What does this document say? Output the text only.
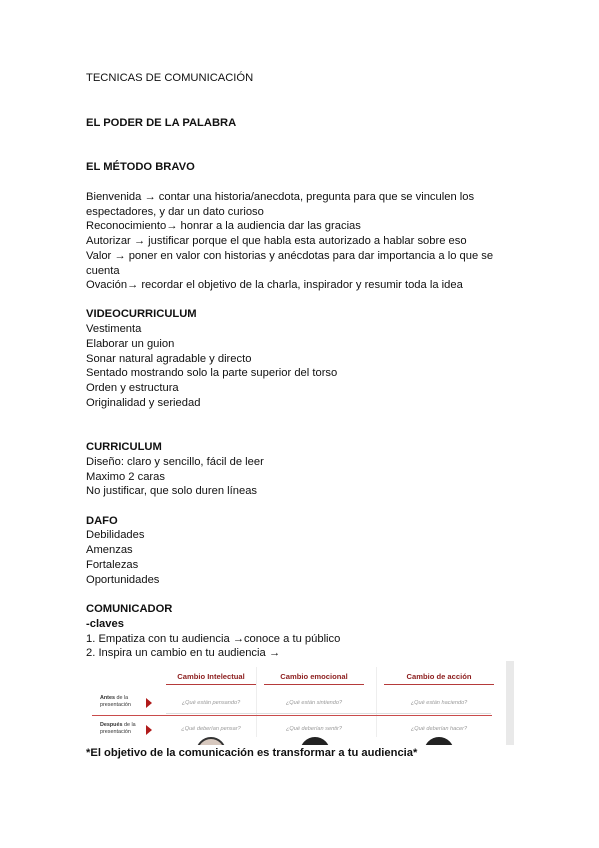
TECNICAS DE COMUNICACIÓN
EL PODER DE LA PALABRA
EL MÉTODO BRAVO
Bienvenida → contar una historia/anecdota, pregunta para que se vinculen los
espectadores, y dar un dato curioso
Reconocimiento→ honrar a la audiencia dar las gracias
Autorizar → justificar porque el que habla esta autorizado a hablar sobre eso
Valor → poner en valor con historias y anécdotas para dar importancia a lo que se
cuenta
Ovación→ recordar el objetivo de la charla, inspirador y resumir toda la idea
VIDEOCURRICULUM
Vestimenta
Elaborar un guion
Sonar natural agradable y directo
Sentado mostrando solo la parte superior del torso
Orden y estructura
Originalidad y seriedad
CURRICULUM
Diseño: claro y sencillo, fácil de leer
Maximo 2 caras
No justificar, que solo duren líneas
DAFO
Debilidades
Amenzas
Fortalezas
Oportunidades
COMUNICADOR
-claves
1. Empatiza con tu audiencia →conoce a tu público
2. Inspira un cambio en tu audiencia →
Cambio Intelectual	Cambio emocional	Cambio de acción
Antes de la
presentación	¿Qué están pensando?	¿Qué están sintiendo?	¿Qué están haciendo?
Después de la
presentación	¿Qué deberían pensar?	¿Qué deberían sentir?	¿Qué deberían hacer?
*El objetivo de la comunicación es transformar a tu audiencia*
